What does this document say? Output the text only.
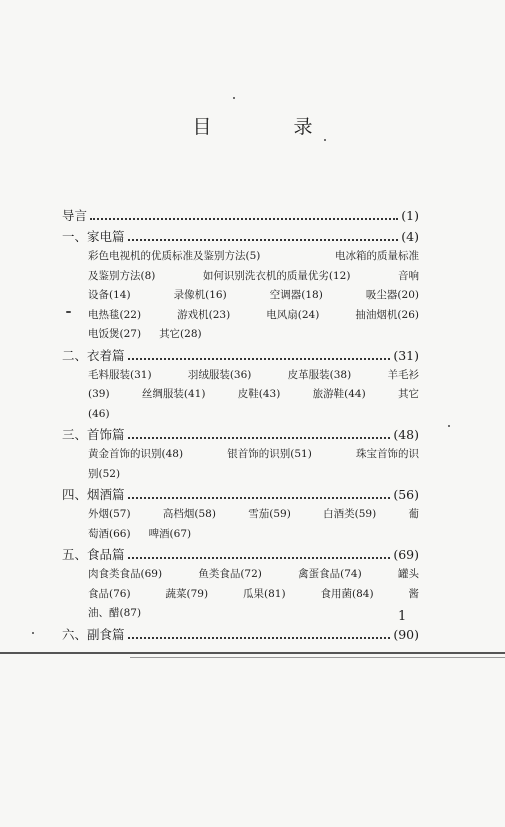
目 录
导言	(1)
一、家电篇	(4)
彩色电视机的优质标准及鉴别方法(5)	电冰箱的质量标准
及鉴别方法(8)	如何识别洗衣机的质量优劣(12)	音响
设备(14)	录像机(16)	空调器(18)	吸尘器(20)
电热毯(22)	游戏机(23)	电风扇(24)	抽油烟机(26)
电饭煲(27) 其它(28)
二、衣着篇	(31)
毛料服装(31)	羽绒服装(36)	皮革服装(38)	羊毛衫
(39)	丝绸服装(41)	皮鞋(43)	旅游鞋(44)	其它
(46)
三、首饰篇	(48)
黄金首饰的识别(48)	银首饰的识别(51)	珠宝首饰的识
别(52)
四、烟酒篇	(56)
外烟(57)	高档烟(58)	雪茄(59)	白酒类(59)	葡
萄酒(66) 啤酒(67)
五、食品篇	(69)
肉食类食品(69)	鱼类食品(72)	禽蛋食品(74)	罐头
食品(76)	蔬菜(79)	瓜果(81)	食用菌(84)	酱
油、醋(87)
六、副食篇	(90)
1
